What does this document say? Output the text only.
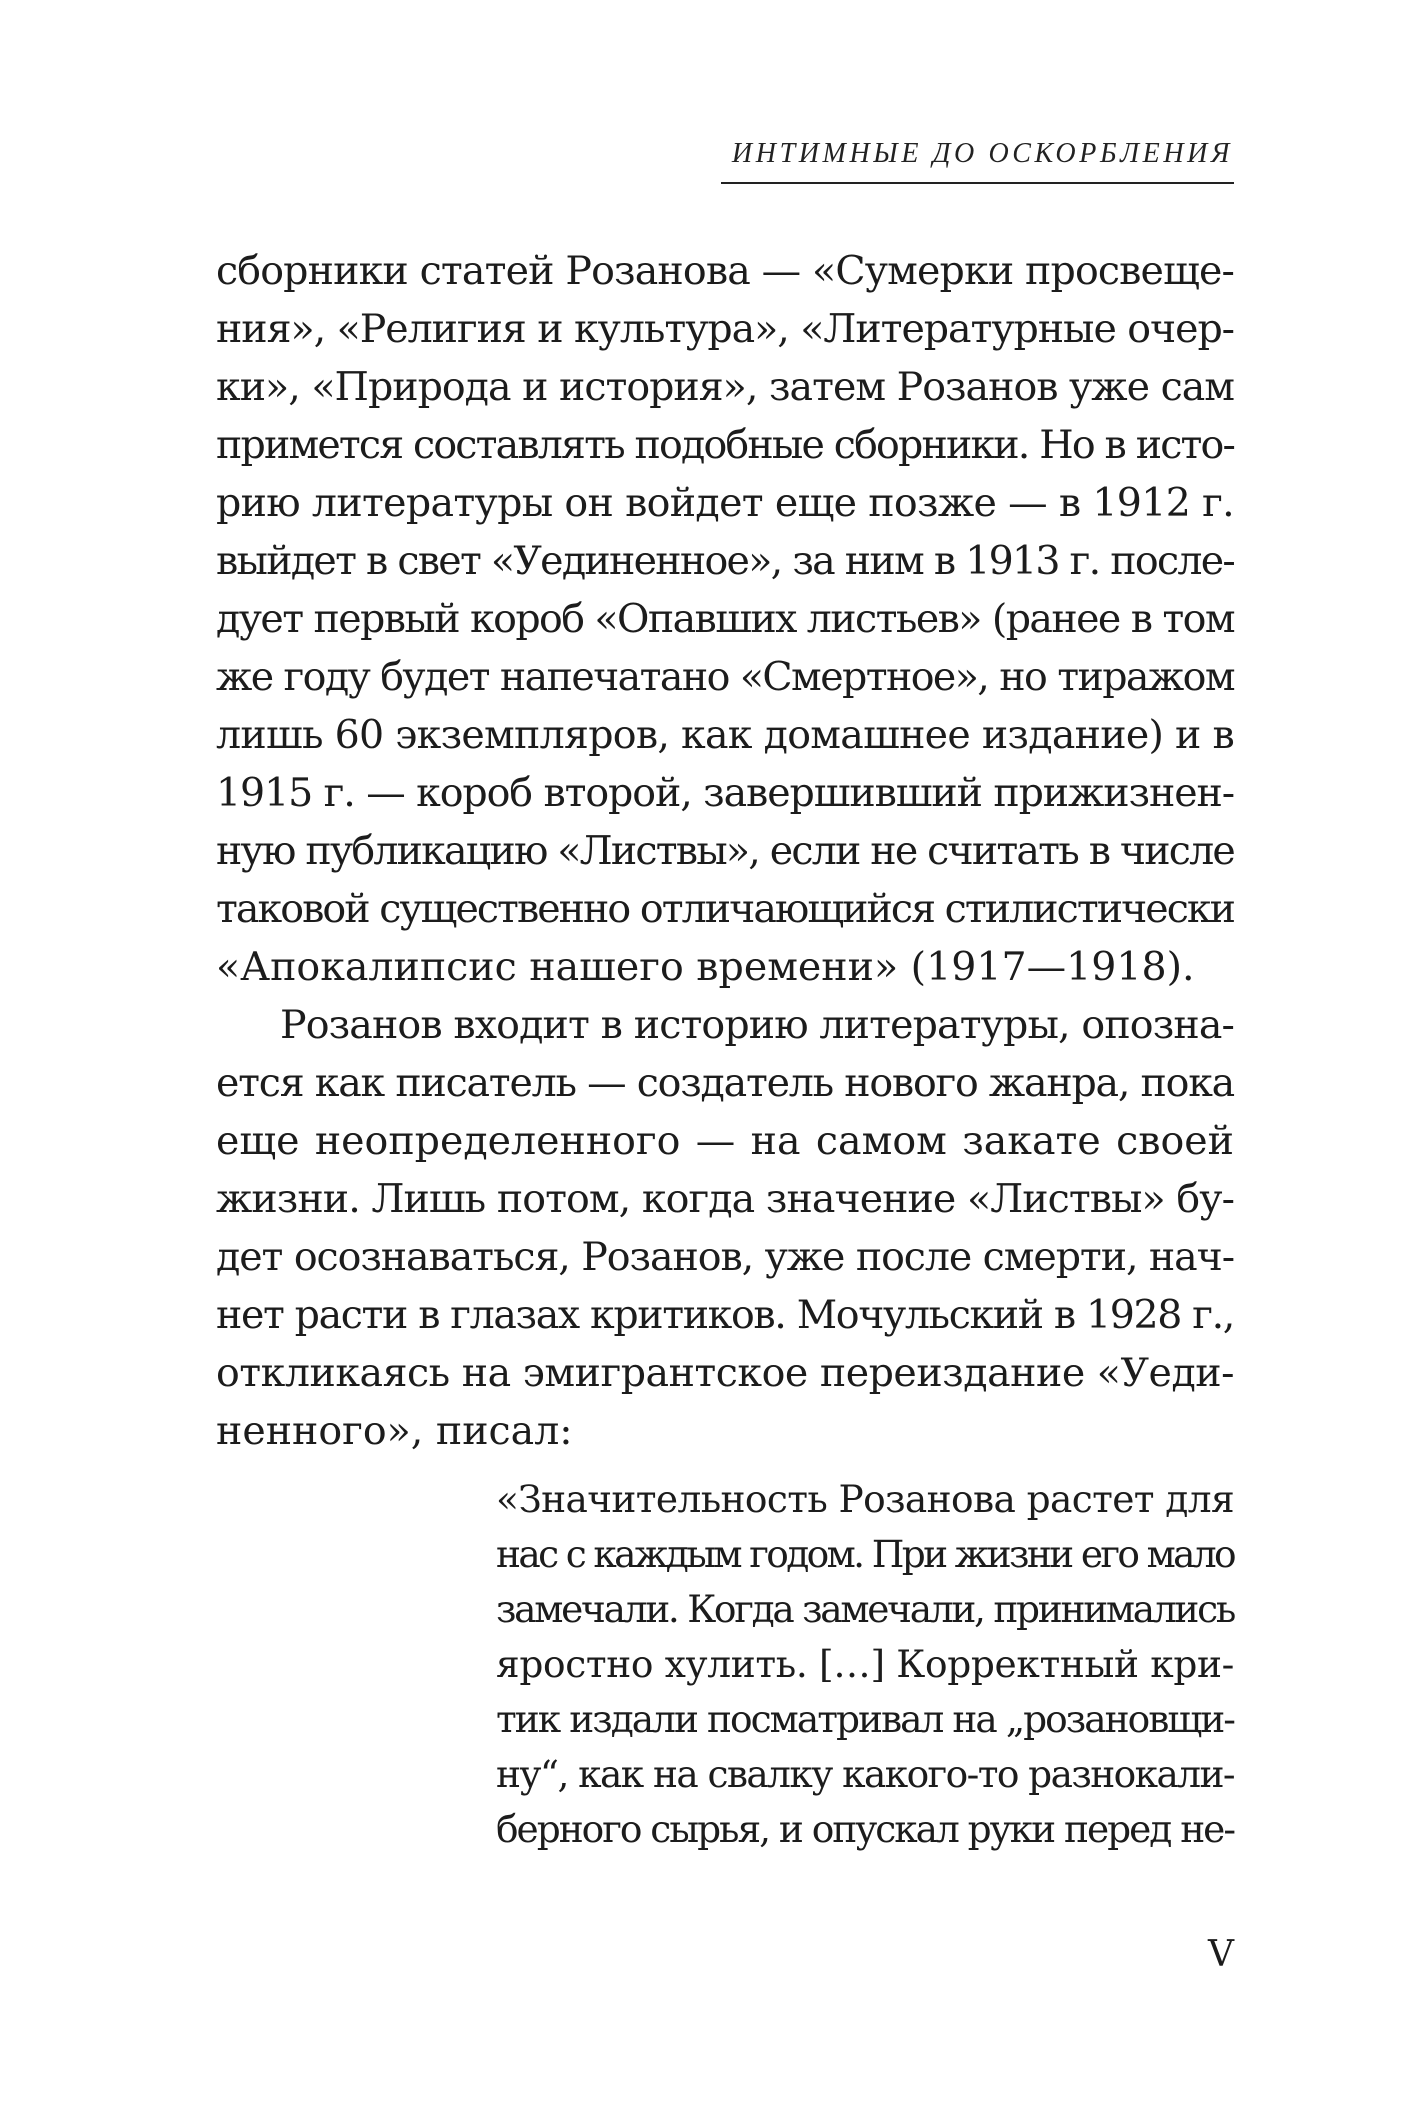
ИНТИМНЫЕ ДО ОСКОРБЛЕНИЯ
сборники статей Розанова — «Сумерки просвеще-
ния», «Религия и культура», «Литературные очер-
ки», «Природа и история», затем Розанов уже сам
примется составлять подобные сборники. Но в исто-
рию литературы он войдет еще позже — в 1912 г.
выйдет в свет «Уединенное», за ним в 1913 г. после-
дует первый короб «Опавших листьев» (ранее в том
же году будет напечатано «Смертное», но тиражом
лишь 60 экземпляров, как домашнее издание) и в
1915 г. — короб второй, завершивший прижизнен-
ную публикацию «Листвы», если не считать в числе
таковой существенно отличающийся стилистически
«Апокалипсис нашего времени» (1917—1918).
Розанов входит в историю литературы, опозна-
ется как писатель — создатель нового жанра, пока
еще неопределенного — на самом закате своей
жизни. Лишь потом, когда значение «Листвы» бу-
дет осознаваться, Розанов, уже после смерти, нач-
нет расти в глазах критиков. Мочульский в 1928 г.,
откликаясь на эмигрантское переиздание «Уеди-
ненного», писал:
«Значительность Розанова растет для
нас с каждым годом. При жизни его мало
замечали. Когда замечали, принимались
яростно хулить. […] Корректный кри-
тик издали посматривал на „розановщи-
ну“, как на свалку какого-то разнокали-
берного сырья, и опускал руки перед не-
V
